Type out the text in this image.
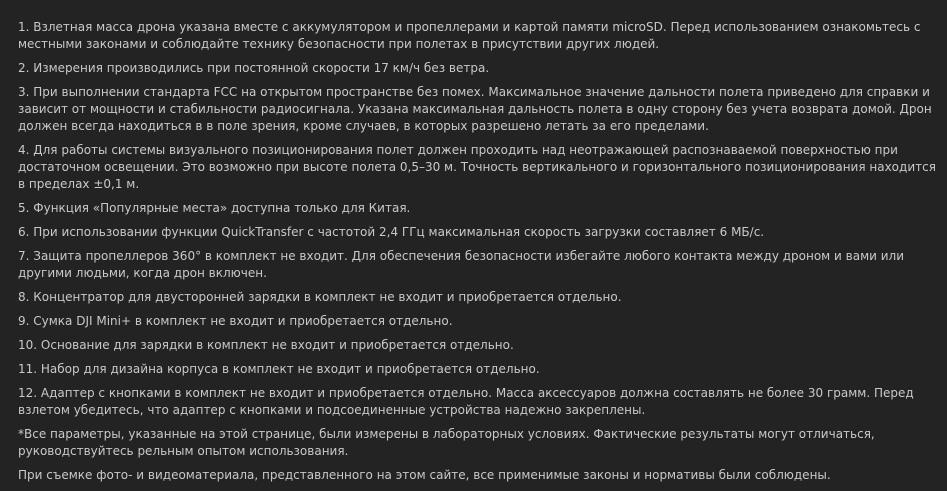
1. Взлетная масса дрона указана вместе с аккумулятором и пропеллерами и картой памяти microSD. Перед использованием ознакомьтесь с местными законами и соблюдайте технику безопасности при полетах в присутствии других людей.
2. Измерения производились при постоянной скорости 17 км/ч без ветра.
3. При выполнении стандарта FCC на открытом пространстве без помех. Максимальное значение дальности полета приведено для справки и зависит от мощности и стабильности радиосигнала. Указана максимальная дальность полета в одну сторону без учета возврата домой. Дрон должен всегда находиться в в поле зрения, кроме случаев, в которых разрешено летать за его пределами.
4. Для работы системы визуального позиционирования полет должен проходить над неотражающей распознаваемой поверхностью при достаточном освещении. Это возможно при высоте полета 0,5–30 м. Точность вертикального и горизонтального позиционирования находится в пределах ±0,1 м.
5. Функция «Популярные места» доступна только для Китая.
6. При использовании функции QuickTransfer с частотой 2,4 ГГц максимальная скорость загрузки составляет 6 МБ/с.
7. Защита пропеллеров 360° в комплект не входит. Для обеспечения безопасности избегайте любого контакта между дроном и вами или другими людьми, когда дрон включен.
8. Концентратор для двусторонней зарядки в комплект не входит и приобретается отдельно.
9. Сумка DJI Mini+ в комплект не входит и приобретается отдельно.
10. Основание для зарядки в комплект не входит и приобретается отдельно.
11. Набор для дизайна корпуса в комплект не входит и приобретается отдельно.
12. Адаптер с кнопками в комплект не входит и приобретается отдельно. Масса аксессуаров должна составлять не более 30 грамм. Перед взлетом убедитесь, что адаптер с кнопками и подсоединенные устройства надежно закреплены.
*Все параметры, указанные на этой странице, были измерены в лабораторных условиях. Фактические результаты могут отличаться, руководствуйтесь рельным опытом использования.
При съемке фото- и видеоматериала, представленного на этом сайте, все применимые законы и нормативы были соблюдены.
